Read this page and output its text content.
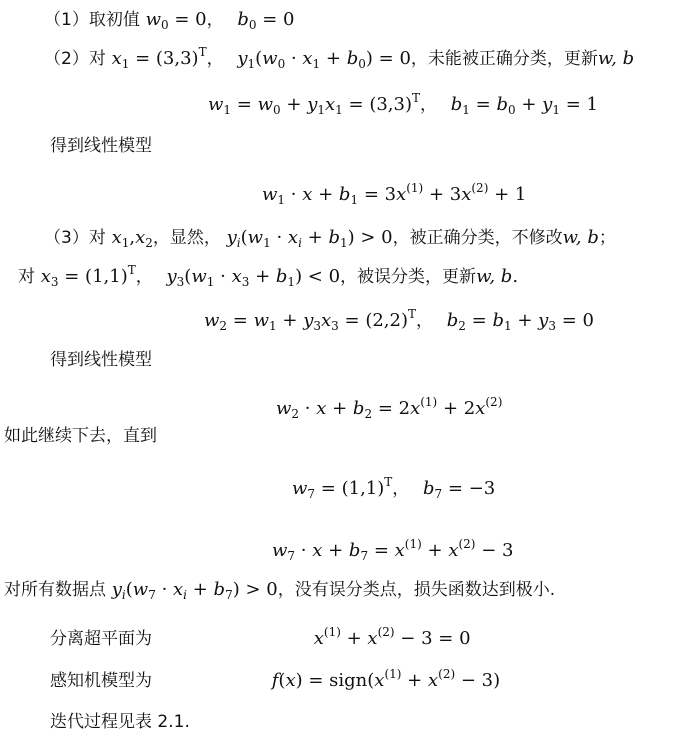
（1）取初值 $w_0 = 0$， $b_0 = 0$
（2）对 $x_1 = (3,3)^T$， $y_1(w_0 \cdot x_1 + b_0) = 0$，未能被正确分类，更新w, b
$w_1 = w_0 + y_1x_1 = (3,3)^T$， $b_1 = b_0 + y_1 = 1$
得到线性模型
$w_1 \cdot x + b_1 = 3x^{(1)} + 3x^{(2)} + 1$
（3）对 $x_1,x_2$，显然， $y_i(w_1 \cdot x_i + b_1) > 0$，被正确分类，不修改w, b；
对 $x_3 = (1,1)^T$， $y_3(w_1 \cdot x_3 + b_1) < 0$，被误分类，更新w, b.
$w_2 = w_1 + y_3x_3 = (2,2)^T$， $b_2 = b_1 + y_3 = 0$
得到线性模型
$w_2 \cdot x + b_2 = 2x^{(1)} + 2x^{(2)}$
如此继续下去，直到
$w_7 = (1,1)^T$， $b_7 = -3$
$w_7 \cdot x + b_7 = x^{(1)} + x^{(2)} - 3$
对所有数据点 $y_i(w_7 \cdot x_i + b_7) > 0$，没有误分类点，损失函数达到极小.
分离超平面为	$x^{(1)} + x^{(2)} - 3 = 0$
感知机模型为	$f(x) = sign(x^{(1)} + x^{(2)} - 3)$
迭代过程见表 2.1.
